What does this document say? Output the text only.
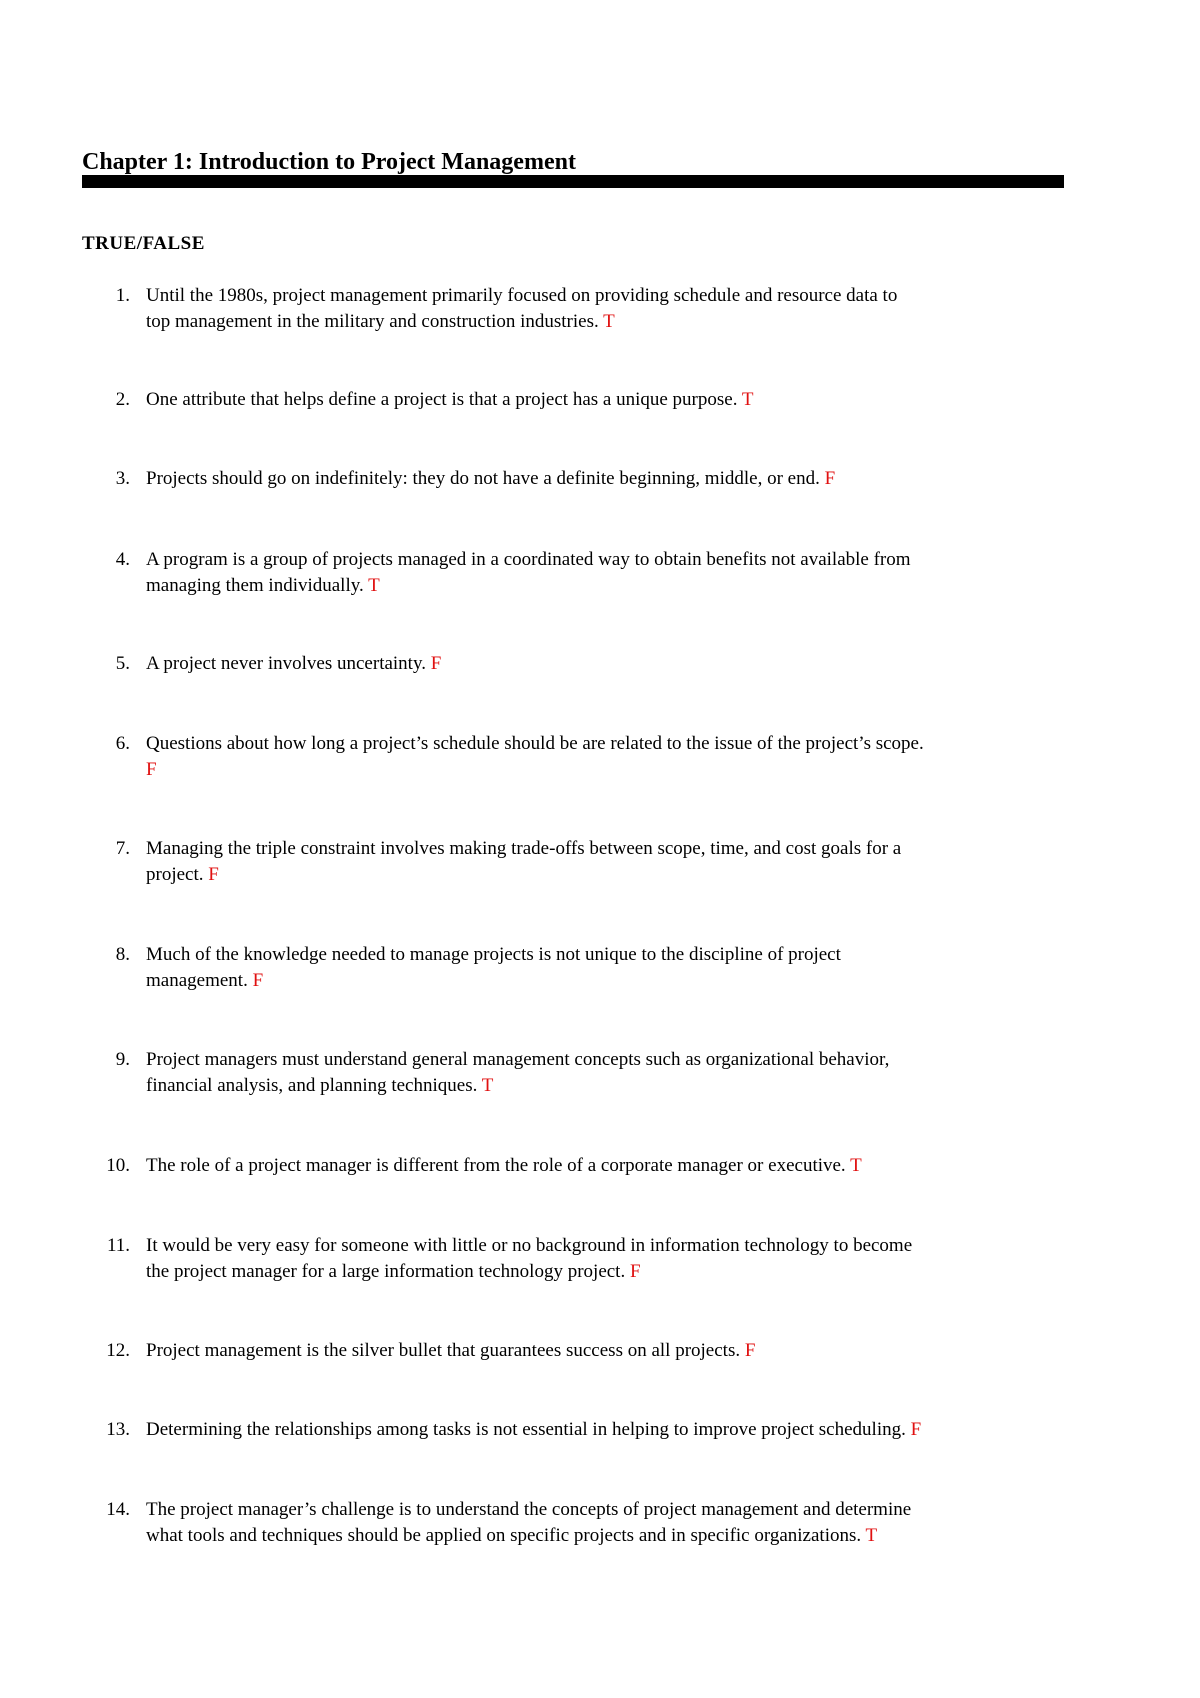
Chapter 1: Introduction to Project Management
TRUE/FALSE
1. Until the 1980s, project management primarily focused on providing schedule and resource data to
top management in the military and construction industries. T
2. One attribute that helps define a project is that a project has a unique purpose. T
3. Projects should go on indefinitely: they do not have a definite beginning, middle, or end. F
4. A program is a group of projects managed in a coordinated way to obtain benefits not available from
managing them individually. T
5. A project never involves uncertainty. F
6. Questions about how long a project’s schedule should be are related to the issue of the project’s scope.
F
7. Managing the triple constraint involves making trade-offs between scope, time, and cost goals for a
project. F
8. Much of the knowledge needed to manage projects is not unique to the discipline of project
management. F
9. Project managers must understand general management concepts such as organizational behavior,
financial analysis, and planning techniques. T
10. The role of a project manager is different from the role of a corporate manager or executive. T
11. It would be very easy for someone with little or no background in information technology to become
the project manager for a large information technology project. F
12. Project management is the silver bullet that guarantees success on all projects. F
13. Determining the relationships among tasks is not essential in helping to improve project scheduling. F
14. The project manager’s challenge is to understand the concepts of project management and determine
what tools and techniques should be applied on specific projects and in specific organizations. T
